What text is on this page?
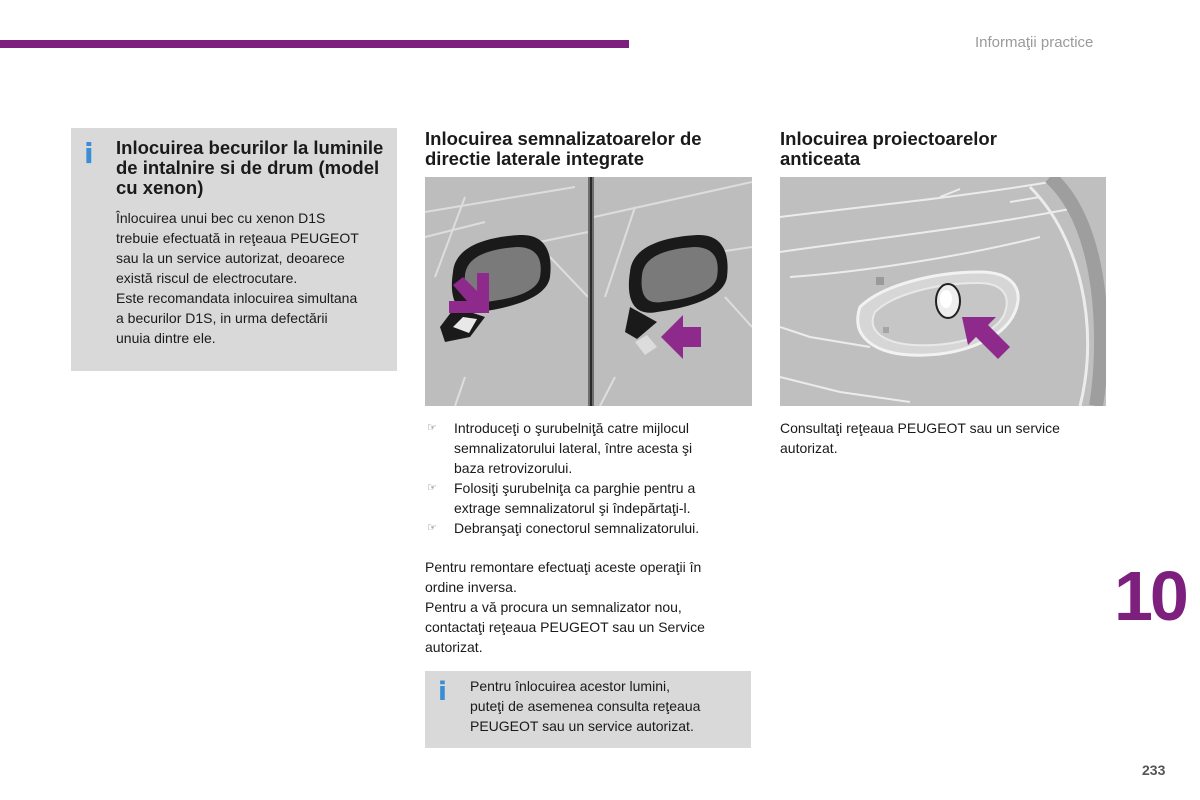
Informaţii practice
i Inlocuirea becurilor la luminile de intalnire si de drum (model cu xenon)
Înlocuirea unui bec cu xenon D1S
trebuie efectuată in reţeaua PEUGEOT
sau la un service autorizat, deoarece
există riscul de electrocutare.
Este recomandata inlocuirea simultana
a becurilor D1S, in urma defectării
unuia dintre ele.
Inlocuirea semnalizatoarelor de
directie laterale integrate
☞ Introduceţi o şurubelniţă catre mijlocul
semnalizatorului lateral, între acesta şi
baza retrovizorului.
☞ Folosiţi şurubelniţa ca parghie pentru a
extrage semnalizatorul şi îndepărtaţi-l.
☞ Debranşaţi conectorul semnalizatorului.
Pentru remontare efectuaţi aceste operaţii în
ordine inversa.
Pentru a vă procura un semnalizator nou,
contactaţi reţeaua PEUGEOT sau un Service
autorizat.
i Pentru înlocuirea acestor lumini,
puteţi de asemenea consulta reţeaua
PEUGEOT sau un service autorizat.
Inlocuirea proiectoarelor
anticeata
Consultaţi reţeaua PEUGEOT sau un service
autorizat.
10
233
